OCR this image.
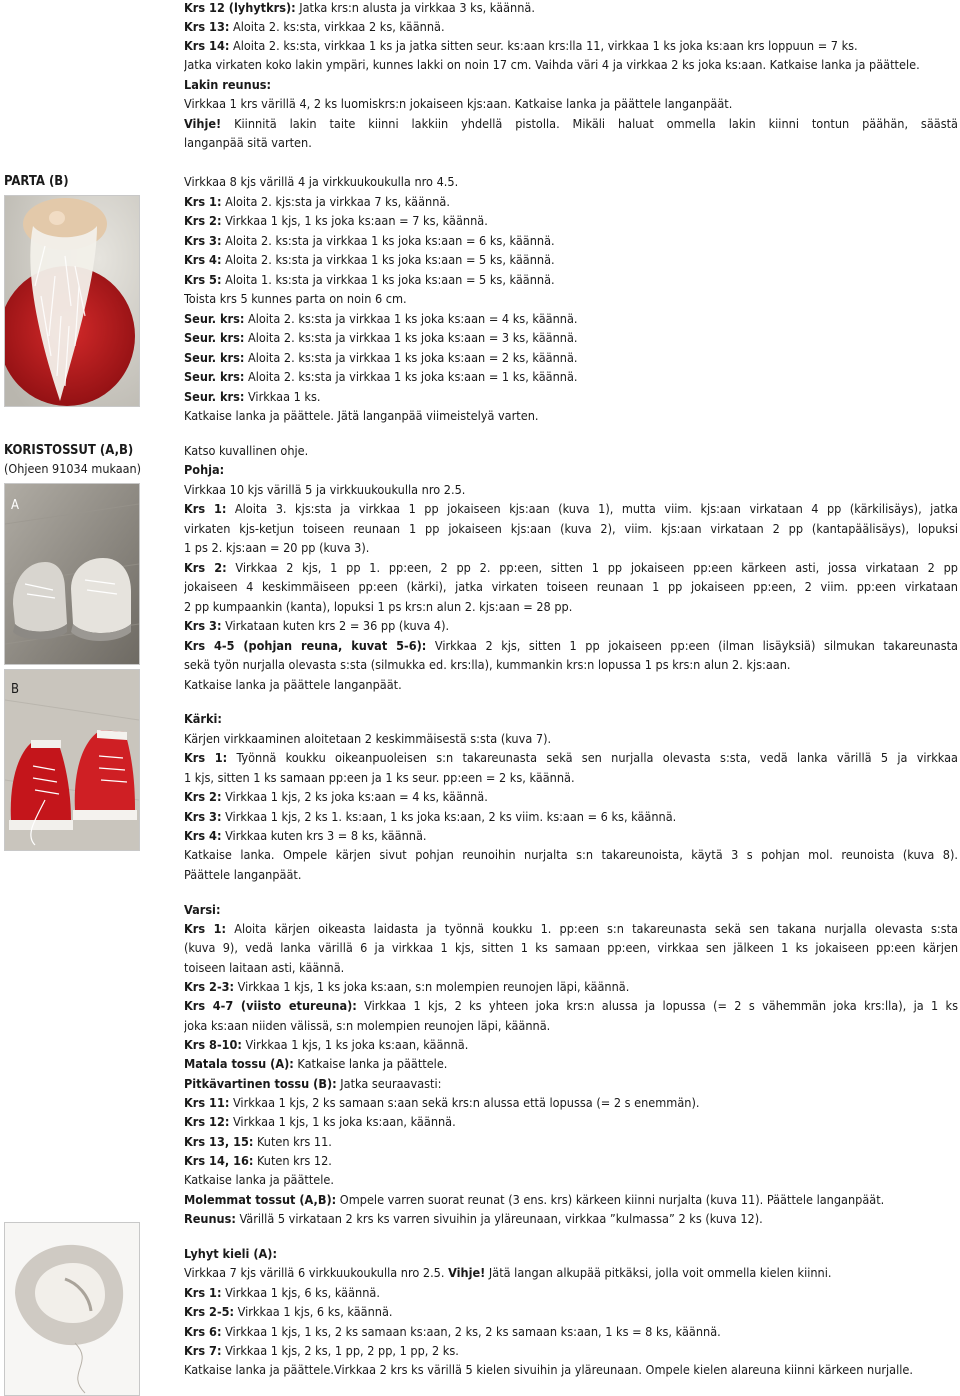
Krs 12 (lyhytkrs): Jatka krs:n alusta ja virkkaa 3 ks, käännä.
Krs 13: Aloita 2. ks:sta, virkkaa 2 ks, käännä.
Krs 14: Aloita 2. ks:sta, virkkaa 1 ks ja jatka sitten seur. ks:aan krs:lla 11, virkkaa 1 ks joka ks:aan krs loppuun = 7 ks.
Jatka virkaten koko lakin ympäri, kunnes lakki on noin 17 cm. Vaihda väri 4 ja virkkaa 2 ks joka ks:aan. Katkaise lanka ja päättele.
Lakin reunus:
Virkkaa 1 krs värillä 4, 2 ks luomiskrs:n jokaiseen kjs:aan. Katkaise lanka ja päättele langanpäät.
Vihje! Kiinnitä lakin taite kiinni lakkiin yhdellä pistolla. Mikäli haluat ommella lakin kiinni tontun päähän, säästä
langanpää sitä varten.
PARTA (B)	Virkkaa 8 kjs värillä 4 ja virkkuukoukulla nro 4.5.
Krs 1: Aloita 2. kjs:sta ja virkkaa 7 ks, käännä.
Krs 2: Virkkaa 1 kjs, 1 ks joka ks:aan = 7 ks, käännä.
Krs 3: Aloita 2. ks:sta ja virkkaa 1 ks joka ks:aan = 6 ks, käännä.
Krs 4: Aloita 2. ks:sta ja virkkaa 1 ks joka ks:aan = 5 ks, käännä.
Krs 5: Aloita 1. ks:sta ja virkkaa 1 ks joka ks:aan = 5 ks, käännä.
Toista krs 5 kunnes parta on noin 6 cm.
Seur. krs: Aloita 2. ks:sta ja virkkaa 1 ks joka ks:aan = 4 ks, käännä.
Seur. krs: Aloita 2. ks:sta ja virkkaa 1 ks joka ks:aan = 3 ks, käännä.
Seur. krs: Aloita 2. ks:sta ja virkkaa 1 ks joka ks:aan = 2 ks, käännä.
Seur. krs: Aloita 2. ks:sta ja virkkaa 1 ks joka ks:aan = 1 ks, käännä.
Seur. krs: Virkkaa 1 ks.
Katkaise lanka ja päättele. Jätä langanpää viimeistelyä varten.
KORISTOSSUT (A,B)
(Ohjeen 91034 mukaan)
A
B
Katso kuvallinen ohje.
Pohja:
Virkkaa 10 kjs värillä 5 ja virkkuukoukulla nro 2.5.
Krs 1: Aloita 3. kjs:sta ja virkkaa 1 pp jokaiseen kjs:aan (kuva 1), mutta viim. kjs:aan virkataan 4 pp (kärkilisäys), jatka
virkaten kjs-ketjun toiseen reunaan 1 pp jokaiseen kjs:aan (kuva 2), viim. kjs:aan virkataan 2 pp (kantapäälisäys), lopuksi
1 ps 2. kjs:aan = 20 pp (kuva 3).
Krs 2: Virkkaa 2 kjs, 1 pp 1. pp:een, 2 pp 2. pp:een, sitten 1 pp jokaiseen pp:een kärkeen asti, jossa virkataan 2 pp
jokaiseen 4 keskimmäiseen pp:een (kärki), jatka virkaten toiseen reunaan 1 pp jokaiseen pp:een, 2 viim. pp:een virkataan
2 pp kumpaankin (kanta), lopuksi 1 ps krs:n alun 2. kjs:aan = 28 pp.
Krs 3: Virkataan kuten krs 2 = 36 pp (kuva 4).
Krs 4-5 (pohjan reuna, kuvat 5-6): Virkkaa 2 kjs, sitten 1 pp jokaiseen pp:een (ilman lisäyksiä) silmukan takareunasta
sekä työn nurjalla olevasta s:sta (silmukka ed. krs:lla), kummankin krs:n lopussa 1 ps krs:n alun 2. kjs:aan.
Katkaise lanka ja päättele langanpäät.
Kärki:
Kärjen virkkaaminen aloitetaan 2 keskimmäisestä s:sta (kuva 7).
Krs 1: Työnnä koukku oikeanpuoleisen s:n takareunasta sekä sen nurjalla olevasta s:sta, vedä lanka värillä 5 ja virkkaa
1 kjs, sitten 1 ks samaan pp:een ja 1 ks seur. pp:een = 2 ks, käännä.
Krs 2: Virkkaa 1 kjs, 2 ks joka ks:aan = 4 ks, käännä.
Krs 3: Virkkaa 1 kjs, 2 ks 1. ks:aan, 1 ks joka ks:aan, 2 ks viim. ks:aan = 6 ks, käännä.
Krs 4: Virkkaa kuten krs 3 = 8 ks, käännä.
Katkaise lanka. Ompele kärjen sivut pohjan reunoihin nurjalta s:n takareunoista, käytä 3 s pohjan mol. reunoista (kuva 8).
Päättele langanpäät.
Varsi:
Krs 1: Aloita kärjen oikeasta laidasta ja työnnä koukku 1. pp:een s:n takareunasta sekä sen takana nurjalla olevasta s:sta
(kuva 9), vedä lanka värillä 6 ja virkkaa 1 kjs, sitten 1 ks samaan pp:een, virkkaa sen jälkeen 1 ks jokaiseen pp:een kärjen
toiseen laitaan asti, käännä.
Krs 2-3: Virkkaa 1 kjs, 1 ks joka ks:aan, s:n molempien reunojen läpi, käännä.
Krs 4-7 (viisto etureuna): Virkkaa 1 kjs, 2 ks yhteen joka krs:n alussa ja lopussa (= 2 s vähemmän joka krs:lla), ja 1 ks
joka ks:aan niiden välissä, s:n molempien reunojen läpi, käännä.
Krs 8-10: Virkkaa 1 kjs, 1 ks joka ks:aan, käännä.
Matala tossu (A): Katkaise lanka ja päättele.
Pitkävartinen tossu (B): Jatka seuraavasti:
Krs 11: Virkkaa 1 kjs, 2 ks samaan s:aan sekä krs:n alussa että lopussa (= 2 s enemmän).
Krs 12: Virkkaa 1 kjs, 1 ks joka ks:aan, käännä.
Krs 13, 15: Kuten krs 11.
Krs 14, 16: Kuten krs 12.
Katkaise lanka ja päättele.
Molemmat tossut (A,B): Ompele varren suorat reunat (3 ens. krs) kärkeen kiinni nurjalta (kuva 11). Päättele langanpäät.
Reunus: Värillä 5 virkataan 2 krs ks varren sivuihin ja yläreunaan, virkkaa ”kulmassa” 2 ks (kuva 12).
Lyhyt kieli (A):
Virkkaa 7 kjs värillä 6 virkkuukoukulla nro 2.5. Vihje! Jätä langan alkupää pitkäksi, jolla voit ommella kielen kiinni.
Krs 1: Virkkaa 1 kjs, 6 ks, käännä.
Krs 2-5: Virkkaa 1 kjs, 6 ks, käännä.
Krs 6: Virkkaa 1 kjs, 1 ks, 2 ks samaan ks:aan, 2 ks, 2 ks samaan ks:aan, 1 ks = 8 ks, käännä.
Krs 7: Virkkaa 1 kjs, 2 ks, 1 pp, 2 pp, 1 pp, 2 ks.
Katkaise lanka ja päättele.Virkkaa 2 krs ks värillä 5 kielen sivuihin ja yläreunaan. Ompele kielen alareuna kiinni kärkeen nurjalle.
